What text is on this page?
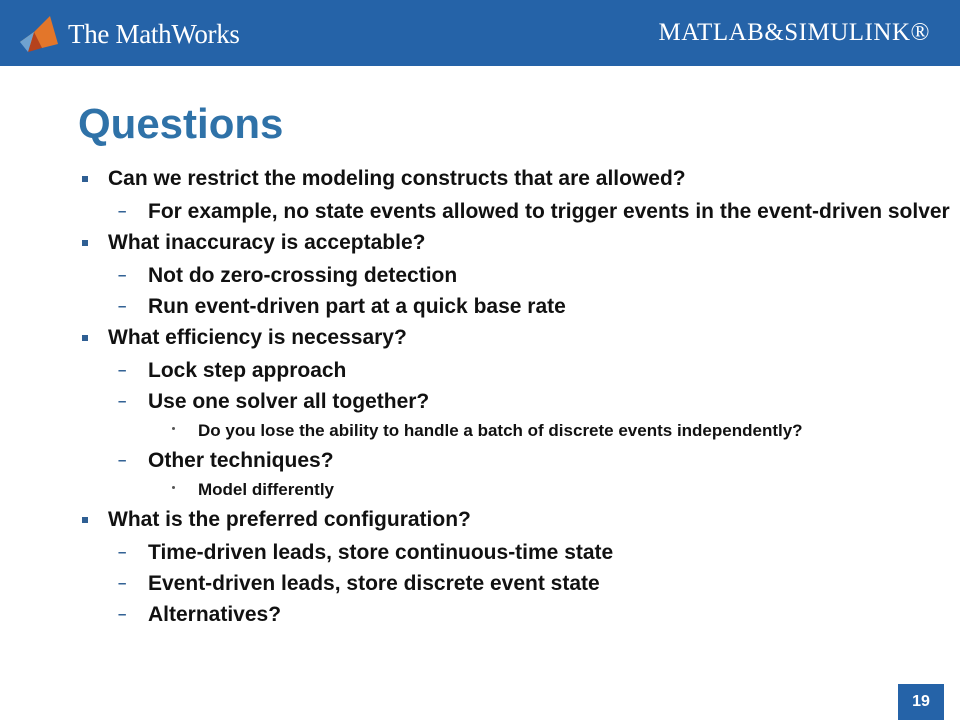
The MathWorks	MATLAB&SIMULINK®
Questions
Can we restrict the modeling constructs that are allowed?
– For example, no state events allowed to trigger events in the event-driven solver
What inaccuracy is acceptable?
– Not do zero-crossing detection
– Run event-driven part at a quick base rate
What efficiency is necessary?
– Lock step approach
– Use one solver all together?
Do you lose the ability to handle a batch of discrete events independently?
– Other techniques?
Model differently
What is the preferred configuration?
– Time-driven leads, store continuous-time state
– Event-driven leads, store discrete event state
– Alternatives?
19
